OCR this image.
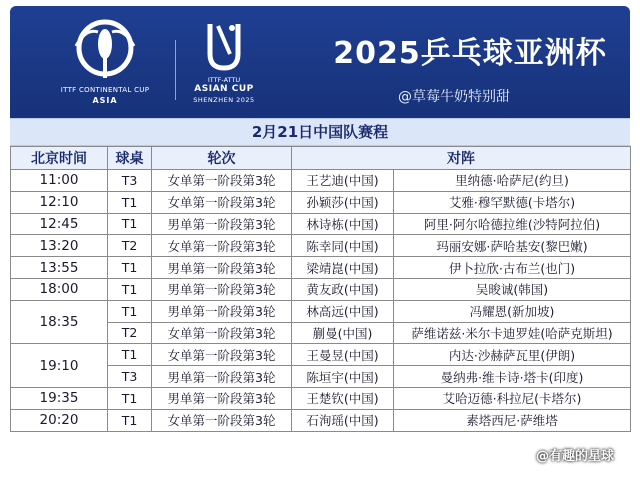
ITTF CONTINENTAL CUP
ASIA
ITTF-ATTU
ASIAN CUP
SHENZHEN 2025
2025乒乓球亚洲杯
@草莓牛奶特别甜
2月21日中国队赛程
北京时间	球桌	轮次	对阵	
11:00	T3	女单第一阶段第3轮	王艺迪(中国)	里纳德·哈萨尼(约旦)
12:10	T1	女单第一阶段第3轮	孙颖莎(中国)	艾雅·穆罕默德(卡塔尔)
12:45	T1	男单第一阶段第3轮	林诗栋(中国)	阿里·阿尔哈德拉维(沙特阿拉伯)
13:20	T2	女单第一阶段第3轮	陈幸同(中国)	玛丽安娜·萨哈基安(黎巴嫩)
13:55	T1	男单第一阶段第3轮	梁靖崑(中国)	伊卜拉欣·古布兰(也门)
18:00	T1	男单第一阶段第3轮	黄友政(中国)	吴晙诚(韩国)
18:35	T1	男单第一阶段第3轮	林高远(中国)	冯耀恩(新加坡)
	T2	女单第一阶段第3轮	蒯曼(中国)	萨维诺兹·米尔卡迪罗娃(哈萨克斯坦)
19:10	T1	女单第一阶段第3轮	王曼昱(中国)	内达·沙赫萨瓦里(伊朗)
	T3	男单第一阶段第3轮	陈垣宇(中国)	曼纳弗·维卡诗·塔卡(印度)
19:35	T1	男单第一阶段第3轮	王楚钦(中国)	艾哈迈德·科拉尼(卡塔尔)
20:20	T1	女单第一阶段第3轮	石洵瑶(中国)	素塔西尼·萨维塔
@有趣的星球
